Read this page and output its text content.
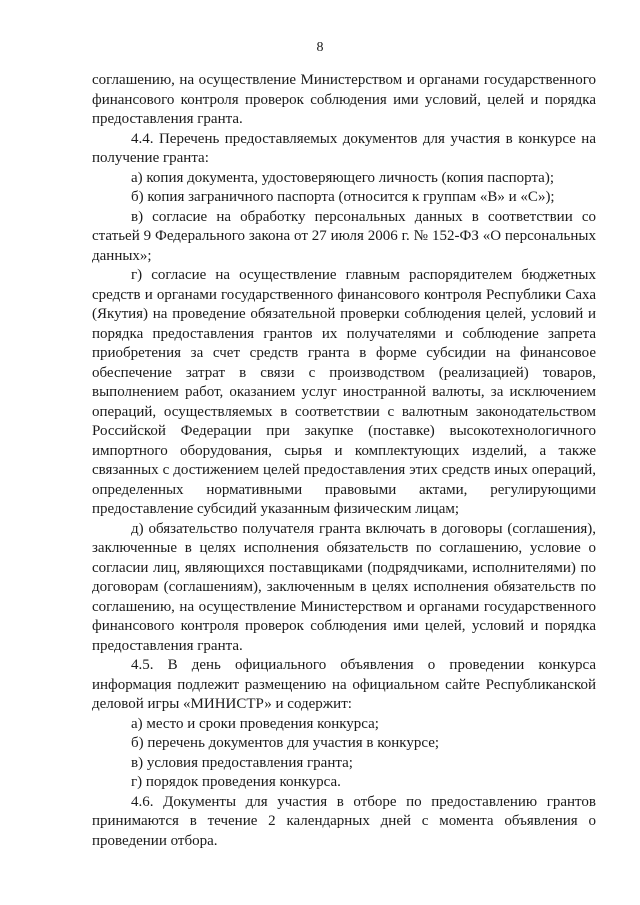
8

соглашению, на осуществление Министерством и органами государственного финансового контроля проверок соблюдения ими условий, целей и порядка предоставления гранта.

4.4. Перечень предоставляемых документов для участия в конкурсе на получение гранта:

а) копия документа, удостоверяющего личность (копия паспорта);

б) копия заграничного паспорта (относится к группам «В» и «С»);

в) согласие на обработку персональных данных в соответствии со статьей 9 Федерального закона от 27 июля 2006 г. № 152-ФЗ «О персональных данных»;

г) согласие на осуществление главным распорядителем бюджетных средств и органами государственного финансового контроля Республики Саха (Якутия) на проведение обязательной проверки соблюдения целей, условий и порядка предоставления грантов их получателями и соблюдение запрета приобретения за счет средств гранта в форме субсидии на финансовое обеспечение затрат в связи с производством (реализацией) товаров, выполнением работ, оказанием услуг иностранной валюты, за исключением операций, осуществляемых в соответствии с валютным законодательством Российской Федерации при закупке (поставке) высокотехнологичного импортного оборудования, сырья и комплектующих изделий, а также связанных с достижением целей предоставления этих средств иных операций, определенных нормативными правовыми актами, регулирующими предоставление субсидий указанным физическим лицам;

д) обязательство получателя гранта включать в договоры (соглашения), заключенные в целях исполнения обязательств по соглашению, условие о согласии лиц, являющихся поставщиками (подрядчиками, исполнителями) по договорам (соглашениям), заключенным в целях исполнения обязательств по соглашению, на осуществление Министерством и органами государственного финансового контроля проверок соблюдения ими целей, условий и порядка предоставления гранта.

4.5. В день официального объявления о проведении конкурса информация подлежит размещению на официальном сайте Республиканской деловой игры «МИНИСТР» и содержит:

а) место и сроки проведения конкурса;

б) перечень документов для участия в конкурсе;

в) условия предоставления гранта;

г) порядок проведения конкурса.

4.6. Документы для участия в отборе по предоставлению грантов принимаются в течение 2 календарных дней с момента объявления о проведении отбора.
